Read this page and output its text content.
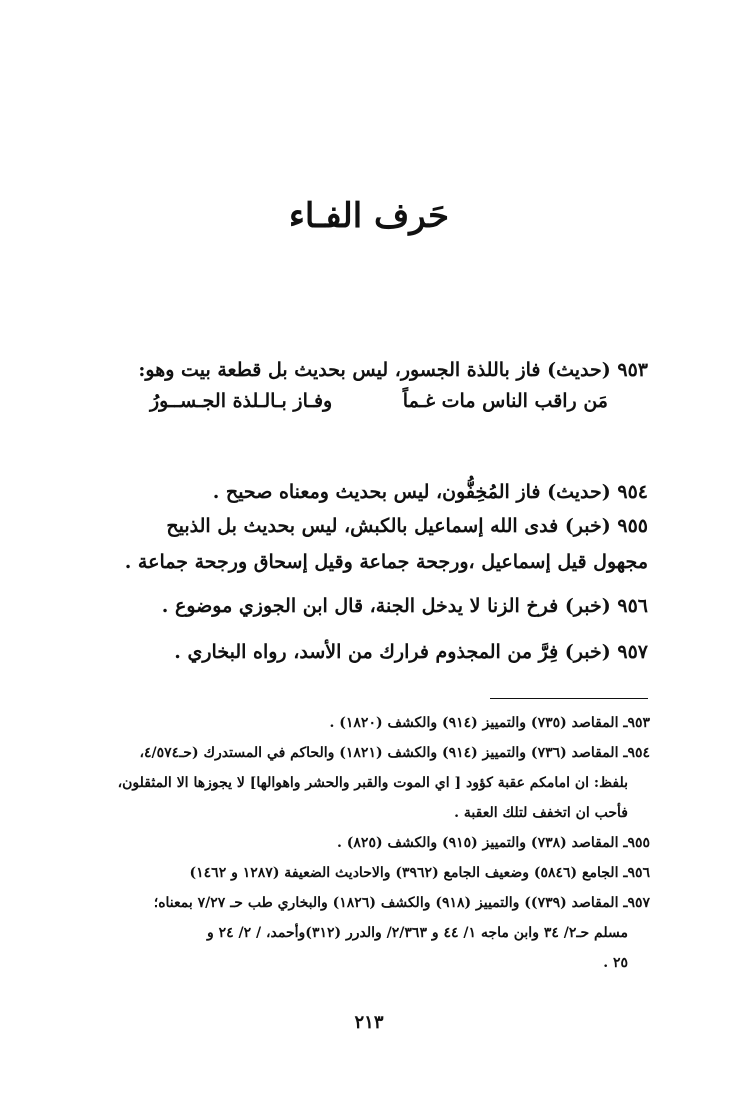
حَرف الفـاء
٩٥٣ (حديث) فاز باللذة الجسور، ليس بحديث بل قطعة بيت وهو:
مَن راقب الناس مات غـماً
وفـاز بـالـلذة الجـســورُ
٩٥٤ (حديث) فاز المُخِفُّون، ليس بحديث ومعناه صحيح .
٩٥٥ (خبر) فدى الله إسماعيل بالكبش، ليس بحديث بل الذبيح
مجهول قيل إسماعيل ،ورجحة جماعة وقيل إسحاق ورجحة جماعة .
٩٥٦ (خبر) فرخ الزنا لا يدخل الجنة، قال ابن الجوزي موضوع .
٩٥٧ (خبر) فِرَّ من المجذوم فرارك من الأسد، رواه البخاري .
٩٥٣ـ المقاصد (٧٣٥) والتمييز (٩١٤) والكشف (١٨٢٠) .
٩٥٤ـ المقاصد (٧٣٦) والتمييز (٩١٤) والكشف (١٨٢١) والحاكم في المستدرك (حـ٤/٥٧٤،
بلفظ: ان امامكم عقبة كؤود [ اي الموت والقبر والحشر واهوالها] لا يجوزها الا المثقلون،
فأحب ان اتخفف لتلك العقبة .
٩٥٥ـ المقاصد (٧٣٨) والتمييز (٩١٥) والكشف (٨٢٥) .
٩٥٦ـ الجامع (٥٨٤٦) وضعيف الجامع (٣٩٦٢) والاحاديث الضعيفة (١٢٨٧ و ١٤٦٢)
٩٥٧ـ المقاصد (٧٣٩)) والتمييز (٩١٨) والكشف (١٨٢٦) والبخاري طب حـ ٧/٢٧ بمعناه؛
مسلم حـ٢/ ٣٤ وابن ماجه ١/ ٤٤ و ٢/٣٦٣/ والدرر (٣١٢)وأحمد، / ٢/ ٢٤ و
٢٥ .
٢١٣
